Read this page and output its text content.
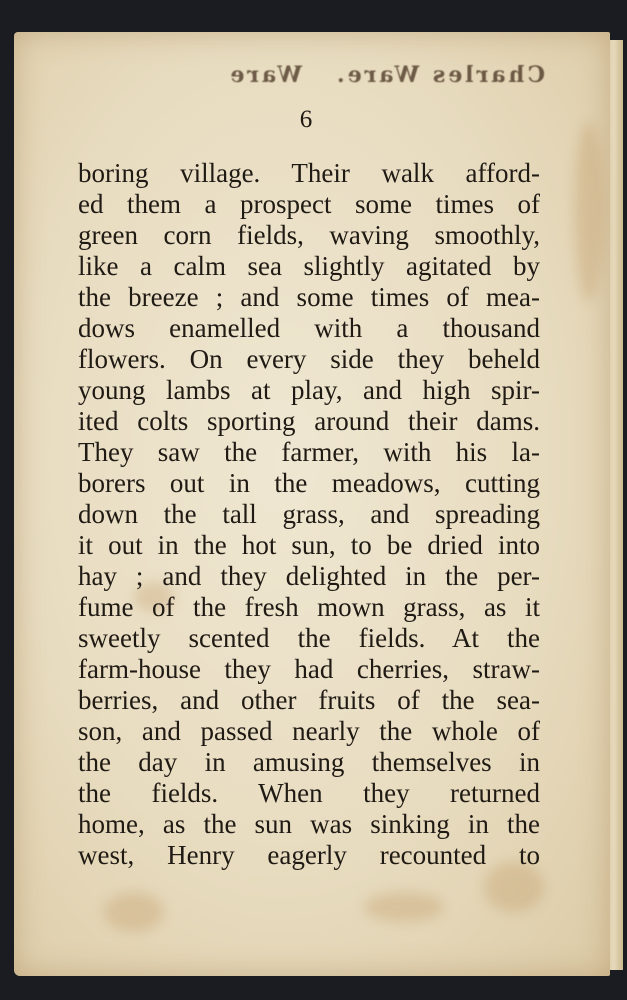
Charles Ware.   Ware
6
boring village. Their walk afford-
ed them a prospect some times of
green corn fields, waving smoothly,
like a calm sea slightly agitated by
the breeze ; and some times of mea-
dows enamelled with a thousand
flowers. On every side they beheld
young lambs at play, and high spir-
ited colts sporting around their dams.
They saw the farmer, with his la-
borers out in the meadows, cutting
down the tall grass, and spreading
it out in the hot sun, to be dried into
hay ; and they delighted in the per-
fume of the fresh mown grass, as it
sweetly scented the fields. At the
farm-house they had cherries, straw-
berries, and other fruits of the sea-
son, and passed nearly the whole of
the day in amusing themselves in
the fields. When they returned
home, as the sun was sinking in the
west, Henry eagerly recounted to
